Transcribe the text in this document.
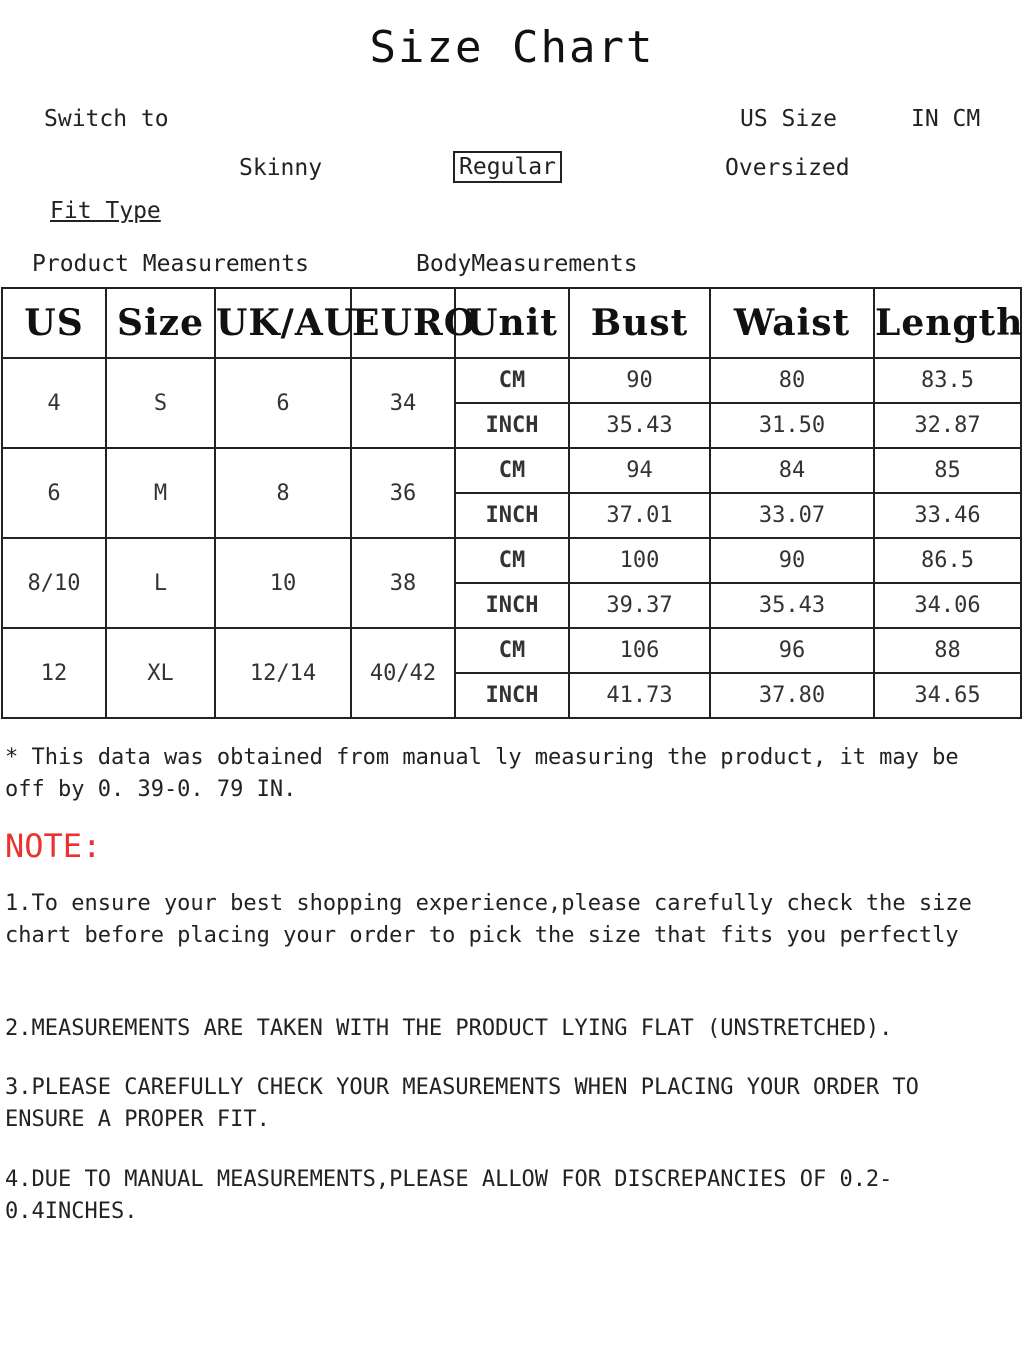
Size Chart
Switch to	US Size	IN CM
Skinny	Regular	Oversized
Fit Type
Product Measurements	BodyMeasurements
US	Size	UK/AU	EURO	Unit	Bust	Waist	Length
4	S	6	34	CM	90	80	83.5
				INCH	35.43	31.50	32.87
6	M	8	36	CM	94	84	85
				INCH	37.01	33.07	33.46
8/10	L	10	38	CM	100	90	86.5
				INCH	39.37	35.43	34.06
12	XL	12/14	40/42	CM	106	96	88
				INCH	41.73	37.80	34.65
* This data was obtained from manual ly measuring the product, it may be off by 0. 39-0. 79 IN.
NOTE:
1.To ensure your best shopping experience,please carefully check the size chart before placing your order to pick the size that fits you perfectly
2.MEASUREMENTS ARE TAKEN WITH THE PRODUCT LYING FLAT (UNSTRETCHED).
3.PLEASE CAREFULLY CHECK YOUR MEASUREMENTS WHEN PLACING YOUR ORDER TO ENSURE A PROPER FIT.
4.DUE TO MANUAL MEASUREMENTS,PLEASE ALLOW FOR DISCREPANCIES OF 0.2-0.4INCHES.
